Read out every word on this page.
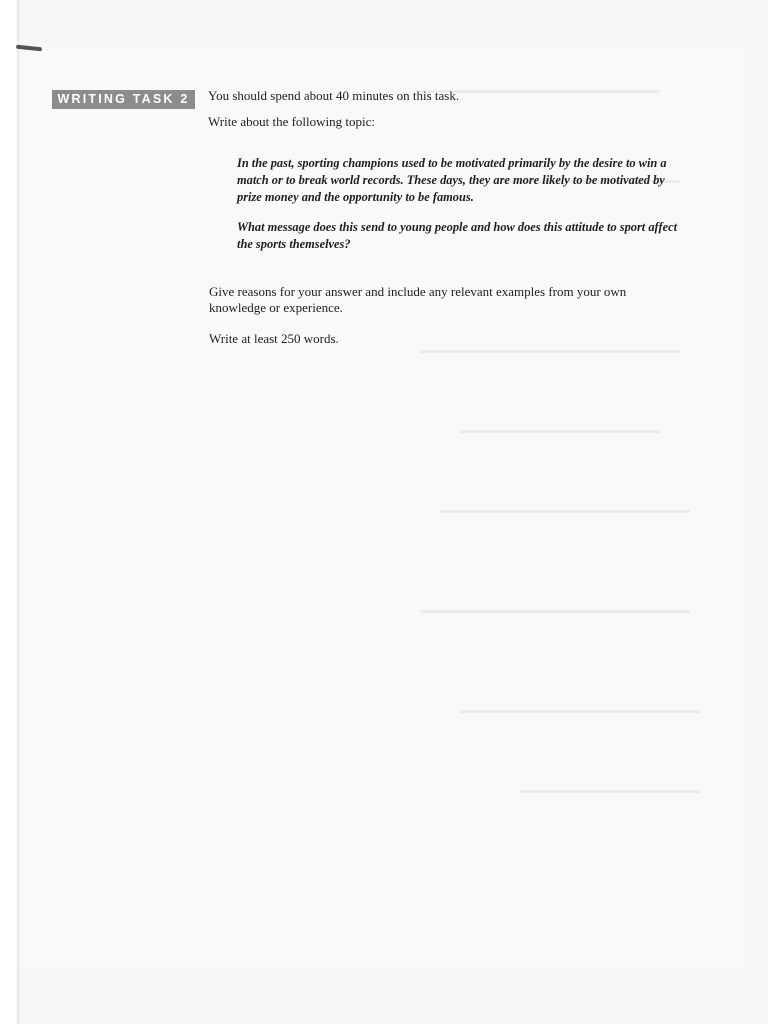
WRITING TASK 2	You should spend about 40 minutes on this task.
Write about the following topic:
In the past, sporting champions used to be motivated primarily by the desire to win a match or to break world records. These days, they are more likely to be motivated by prize money and the opportunity to be famous.
What message does this send to young people and how does this attitude to sport affect the sports themselves?
Give reasons for your answer and include any relevant examples from your own
knowledge or experience.
Write at least 250 words.
